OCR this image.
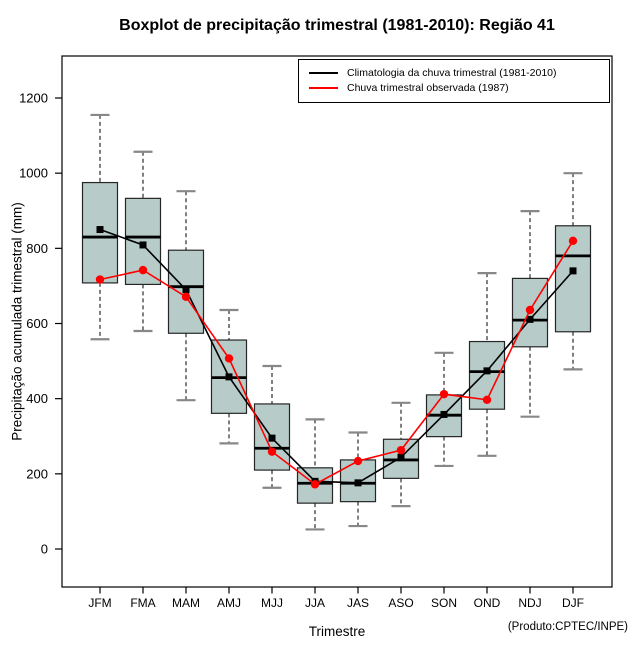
Boxplot de precipitação trimestral (1981-2010): Região 41
0
200
400
600
800
1000
1200
JFM FMA MAM AMJ MJJ JJA JAS ASO SON OND NDJ DJF
Precipitação acumulada trimestral (mm)
Trimestre	(Produto:CPTEC/INPE)
Climatologia da chuva trimestral (1981-2010)
Chuva trimestral observada (1987)
